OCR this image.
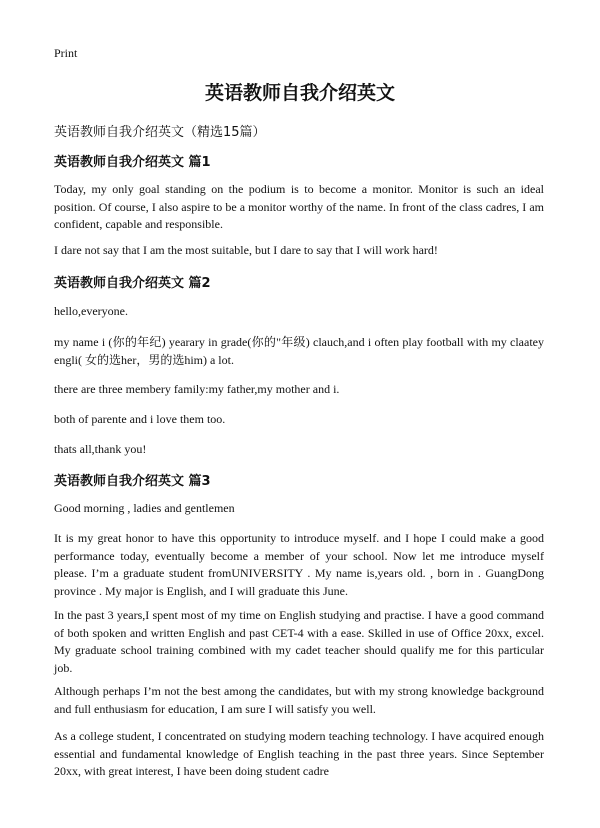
Print
英语教师自我介绍英文
英语教师自我介绍英文（精选15篇）
英语教师自我介绍英文 篇1
Today, my only goal standing on the podium is to become a monitor. Monitor is such an ideal position. Of course, I also aspire to be a monitor worthy of the name. In front of the class cadres, I am confident, capable and responsible.
I dare not say that I am the most suitable, but I dare to say that I will work hard!
英语教师自我介绍英文 篇2
hello,everyone.
my name i (你的年纪) yearary in grade(你的"年级) clauch,and i often play football with my claatey engli( 女的选her，男的选him) a lot.
there are three membery family:my father,my mother and i.
both of parente and i love them too.
thats all,thank you!
英语教师自我介绍英文 篇3
Good morning , ladies and gentlemen
It is my great honor to have this opportunity to introduce myself. and I hope I could make a good performance today, eventually become a member of your school. Now let me introduce myself please. I’m a graduate student fromUNIVERSITY . My name is,years old. , born in . GuangDong province . My major is English, and I will graduate this June.
In the past 3 years,I spent most of my time on English studying and practise. I have a good command of both spoken and written English and past CET-4 with a ease. Skilled in use of Office 20xx, excel. My graduate school training combined with my cadet teacher should qualify me for this particular job.
Although perhaps I’m not the best among the candidates, but with my strong knowledge background and full enthusiasm for education, I am sure I will satisfy you well.
As a college student, I concentrated on studying modern teaching technology. I have acquired enough essential and fundamental knowledge of English teaching in the past three years. Since September 20xx, with great interest, I have been doing student cadre
